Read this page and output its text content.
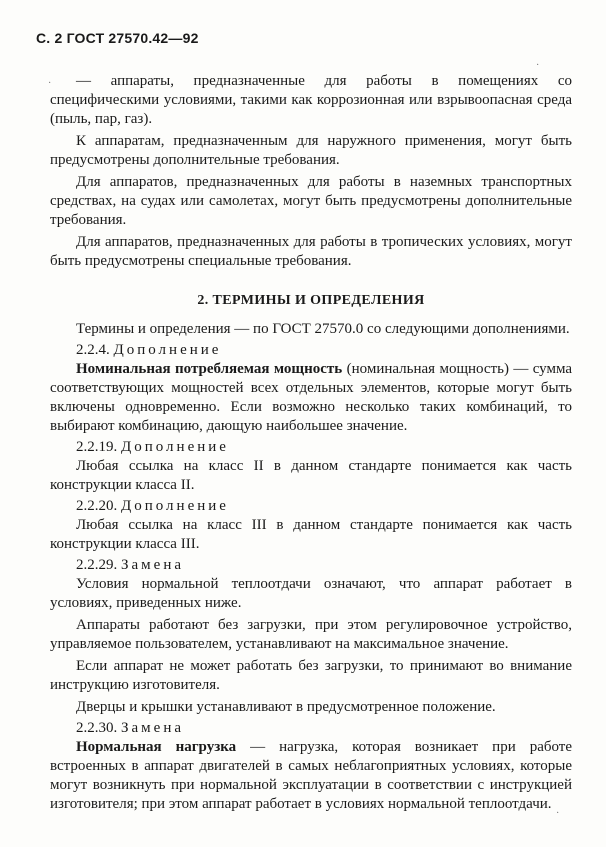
С. 2 ГОСТ 27570.42—92
·
·
·

— аппараты, предназначенные для работы в помещениях со специфическими условиями, такими как коррозионная или взрывоопасная среда (пыль, пар, газ).

К аппаратам, предназначенным для наружного применения, могут быть предусмотрены дополнительные требования.

Для аппаратов, предназначенных для работы в наземных транспортных средствах, на судах или самолетах, могут быть предусмотрены дополнительные требования.

Для аппаратов, предназначенных для работы в тропических условиях, могут быть предусмотрены специальные требования.

2. ТЕРМИНЫ И ОПРЕДЕЛЕНИЯ

Термины и определения — по ГОСТ 27570.0 со следующими дополнениями.

2.2.4. Дополнение

Номинальная потребляемая мощность (номинальная мощность) — сумма соответствующих мощностей всех отдельных элементов, которые могут быть включены одновременно. Если возможно несколько таких комбинаций, то выбирают комбинацию, дающую наибольшее значение.

2.2.19. Дополнение

Любая ссылка на класс II в данном стандарте понимается как часть конструкции класса II.

2.2.20. Дополнение

Любая ссылка на класс III в данном стандарте понимается как часть конструкции класса III.

2.2.29. Замена

Условия нормальной теплоотдачи означают, что аппарат работает в условиях, приведенных ниже.

Аппараты работают без загрузки, при этом регулировочное устройство, управляемое пользователем, устанавливают на максимальное значение.

Если аппарат не может работать без загрузки, то принимают во внимание инструкцию изготовителя.

Дверцы и крышки устанавливают в предусмотренное положение.

2.2.30. Замена

Нормальная нагрузка — нагрузка, которая возникает при работе встроенных в аппарат двигателей в самых неблагоприятных условиях, которые могут возникнуть при нормальной эксплуатации в соответствии с инструкцией изготовителя; при этом аппарат работает в условиях нормальной теплоотдачи.
